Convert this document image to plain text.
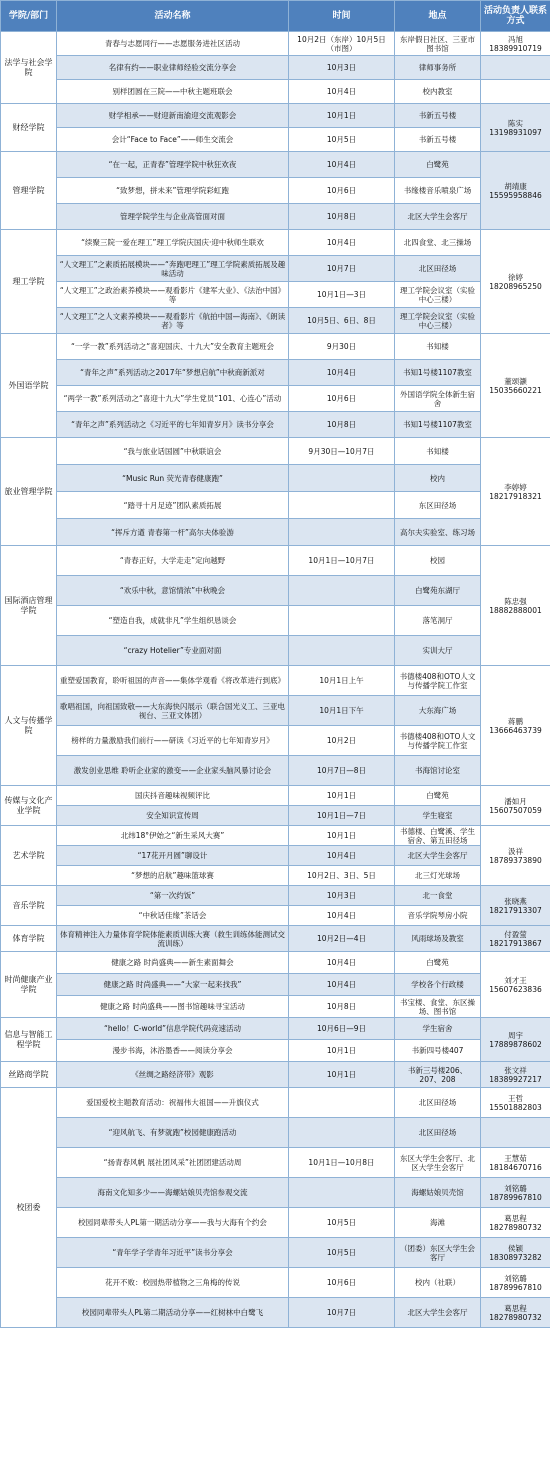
学院/部门	活动名称	时间	地点	活动负责人联系方式
法学与社会学院	青春与志愿同行——志愿服务进社区活动	10月2日（东岸）10月5日（市图）	东岸假日社区、三亚市图书馆	冯旭18389910719
	名律有约——职业律师经验交流分享会	10月3日	律师事务所	
	别样团圆在三院——中秋主题班联会	10月4日	校内教室	
财经学院	财学相承——财迎新南渝迎交流观影会	10月1日	书新五号楼	陈实13198931097
	会计“Face to Face”——师生交流会	10月5日	书新五号楼	
管理学院	“在一起，正青春”管理学院中秋狂欢夜	10月4日	白鹭苑	胡靖康15595958846
	“致梦想，拼未来”管理学院彩虹跑	10月6日	书缘楼音乐喷泉广场	
	管理学院学生与企业高管面对面	10月8日	北区大学生会客厅	
理工学院	“续聚三院一爱在理工”理工学院庆国庆·迎中秋师生联欢	10月4日	北四食堂、北三操场	徐婷18208965250
	“人文理工”之素质拓展模块——“奔跑吧理工”理工学院素质拓展及趣味活动	10月7日	北区田径场	
	“人文理工”之政治素养模块——观看影片《建军大业》、《法治中国》等	10月1日—3日	理工学院会议室（实验中心三楼）	
	“人文理工”之人文素养模块——观看影片《航拍中国—海南》、《朗读者》等	10月5日、6日、8日	理工学院会议室（实验中心三楼）	
外国语学院	“一学一教”系列活动之“喜迎国庆、十九大”安全教育主题班会	9月30日	书知楼	董颂灏15035660221
	“青年之声”系列活动之2017年“梦想启航”中秋商新派对	10月4日	书知1号楼1107教室	
	“两学一教”系列活动之“喜迎十九大”学生党员“101、心连心”活动	10月6日	外国语学院全体新生宿舍	
	“青年之声”系列活动之《习近平的七年知青岁月》读书分享会	10月8日	书知1号楼1107教室	
旅业管理学院	“我与旅业话国圆”中秋联谊会	9月30日—10月7日	书知楼	李婷婷18217918321
	“Music Run 荧光青春健康跑”		校内	
	“踏寻十月足迹”团队素质拓展		东区田径场	
	“挥斥方遒 青春第一杆”高尔夫体验游		高尔夫实验室、练习场	
国际酒店管理学院	“青春正好，大学走走”定向越野	10月1日—10月7日	校园	陈忠强18882888001
	“欢乐中秋，意馆情浓”中秋晚会		白鹭苑东湖厅	
	“塑造自我，成就非凡”学生组织恳谈会		落笔洞厅	
	“crazy Hotelier”专业面对面		实训大厅	
人文与传播学院	重塑爱国教育，聆听祖国的声音——集体学观看《将改革进行到底》	10月1日上午	书德楼408和OTO人文与传播学院工作室	蒋鹏13666463739
	歌唱祖国，向祖国致敬——大东海快闪展示（联合国光义工、三亚电视台、三亚文体团）	10月1日下午	大东海广场	
	榜样的力量激励我们前行——研读《习近平的七年知青岁月》	10月2日	书德楼408和OTO人文与传播学院工作室	
	激发创业思维 聆听企业家的激变——企业家头脑风暴讨论会	10月7日—8日	书海馆讨论室	
传媒与文化产业学院	国庆抖音趣味视频评比	10月1日	白鹭苑	潘如月15607507059
	安全知识宣传周	10月1日—7日	学生寝室	
艺术学院	北纬18°伊始之“新生采风大赛”	10月1日	书德楼、白鹭溪、学生宿舍、第五田径场	汲祥18789373890
	“17花开月圆”聊设计	10月4日	北区大学生会客厅	
	“梦想的启航”趣味篮球赛	10月2日、3日、5日	北三灯光球场	
音乐学院	“第一次约饭”	10月3日	北一食堂	张晓燕18217913307
	“中秋话佳缘”茶话会	10月4日	音乐学院琴房小院	
体育学院	体育精神注入力量体育学院体能素质训练大赛（救生训练体能测试交流训练）	10月2日—4日	风雨球场及教室	付盈萤18217913867
时尚健康产业学院	健康之路 时尚盛典——新生素面舞会	10月4日	白鹭苑	刘才王15607623836
	健康之路 时尚盛典——“大家一起来找我”	10月4日	学校各个行政楼	
	健康之路 时尚盛典——图书馆趣味寻宝活动	10月8日	书宝楼、食堂、东区操场、图书馆	
信息与智能工程学院	“hello！C-world”信息学院代码竞速活动	10月6日—9日	学生宿舍	周宇17889878602
	漫步书海，沐浴墨香——阅读分享会	10月1日	书新四号楼407	
丝路商学院	《丝绸之路经济带》观影	10月1日	书新三号楼206、207、208	张文祥18389927217
校团委	爱国爱校主题教育活动：祝福伟大祖国——升旗仪式		北区田径场	王哲15501882803
	“迎风航飞、有梦就跑”校园健康跑活动		北区田径场	
	“扬青春风帆 展社团风采”社团团建活动周	10月1日—10月8日	东区大学生会客厅、北区大学生会客厅	王慧茹18184670716
	海南文化知多少——海螺姑娘贝壳馆参观交流		海螺姑娘贝壳馆	刘铭璐18789967810
	校园同辈带头人PL第一期活动分享——我与大海有个约会	10月5日	海滩	葛思程18278980732
	“青年学子学青年习近平”读书分享会	10月5日	（团委）东区大学生会客厅	侯颖18308973282
	花开不败：校园热带植物之三角梅的传说	10月6日	校内（社联）	刘铭璐18789967810
	校园同辈带头人PL第二期活动分享——红树林中白鹭飞	10月7日	北区大学生会客厅	葛思程18278980732
